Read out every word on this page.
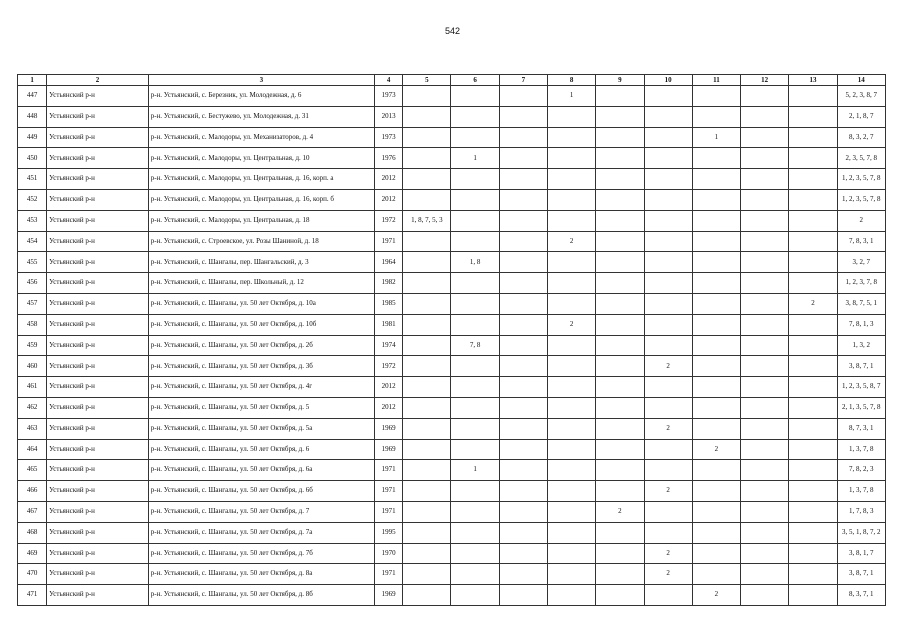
542
1	2	3	4	5	6	7	8	9	10	11	12	13	14
447	Устьянский р-н	р-н. Устьянский, с. Березник, ул. Молодежная, д. 6	1973				1						5, 2, 3, 8, 7
448	Устьянский р-н	р-н. Устьянский, с. Бестужево, ул. Молодежная, д. 31	2013										2, 1, 8, 7
449	Устьянский р-н	р-н. Устьянский, с. Малодоры, ул. Механизаторов, д. 4	1973							1			8, 3, 2, 7
450	Устьянский р-н	р-н. Устьянский, с. Малодоры, ул. Центральная, д. 10	1976		1								2, 3, 5, 7, 8
451	Устьянский р-н	р-н. Устьянский, с. Малодоры, ул. Центральная, д. 16, корп. а	2012										1, 2, 3, 5, 7, 8
452	Устьянский р-н	р-н. Устьянский, с. Малодоры, ул. Центральная, д. 16, корп. б	2012										1, 2, 3, 5, 7, 8
453	Устьянский р-н	р-н. Устьянский, с. Малодоры, ул. Центральная, д. 18	1972	1, 8, 7, 5, 3									2
454	Устьянский р-н	р-н. Устьянский, с. Строевское, ул. Розы Шаниной, д. 18	1971				2						7, 8, 3, 1
455	Устьянский р-н	р-н. Устьянский, с. Шангалы, пер. Шангальский, д. 3	1964		1, 8								3, 2, 7
456	Устьянский р-н	р-н. Устьянский, с. Шангалы, пер. Школьный, д. 12	1982										1, 2, 3, 7, 8
457	Устьянский р-н	р-н. Устьянский, с. Шангалы, ул. 50 лет Октября, д. 10а	1985									2	3, 8, 7, 5, 1
458	Устьянский р-н	р-н. Устьянский, с. Шангалы, ул. 50 лет Октября, д. 10б	1981				2						7, 8, 1, 3
459	Устьянский р-н	р-н. Устьянский, с. Шангалы, ул. 50 лет Октября, д. 2б	1974		7, 8								1, 3, 2
460	Устьянский р-н	р-н. Устьянский, с. Шангалы, ул. 50 лет Октября, д. 3б	1972						2				3, 8, 7, 1
461	Устьянский р-н	р-н. Устьянский, с. Шангалы, ул. 50 лет Октября, д. 4г	2012										1, 2, 3, 5, 8, 7
462	Устьянский р-н	р-н. Устьянский, с. Шангалы, ул. 50 лет Октября, д. 5	2012										2, 1, 3, 5, 7, 8
463	Устьянский р-н	р-н. Устьянский, с. Шангалы, ул. 50 лет Октября, д. 5а	1969						2				8, 7, 3, 1
464	Устьянский р-н	р-н. Устьянский, с. Шангалы, ул. 50 лет Октября, д. 6	1969							2			1, 3, 7, 8
465	Устьянский р-н	р-н. Устьянский, с. Шангалы, ул. 50 лет Октября, д. 6а	1971		1								7, 8, 2, 3
466	Устьянский р-н	р-н. Устьянский, с. Шангалы, ул. 50 лет Октября, д. 6б	1971						2				1, 3, 7, 8
467	Устьянский р-н	р-н. Устьянский, с. Шангалы, ул. 50 лет Октября, д. 7	1971					2					1, 7, 8, 3
468	Устьянский р-н	р-н. Устьянский, с. Шангалы, ул. 50 лет Октября, д. 7а	1995										3, 5, 1, 8, 7, 2
469	Устьянский р-н	р-н. Устьянский, с. Шангалы, ул. 50 лет Октября, д. 7б	1970						2				3, 8, 1, 7
470	Устьянский р-н	р-н. Устьянский, с. Шангалы, ул. 50 лет Октября, д. 8а	1971						2				3, 8, 7, 1
471	Устьянский р-н	р-н. Устьянский, с. Шангалы, ул. 50 лет Октября, д. 8б	1969							2			8, 3, 7, 1
